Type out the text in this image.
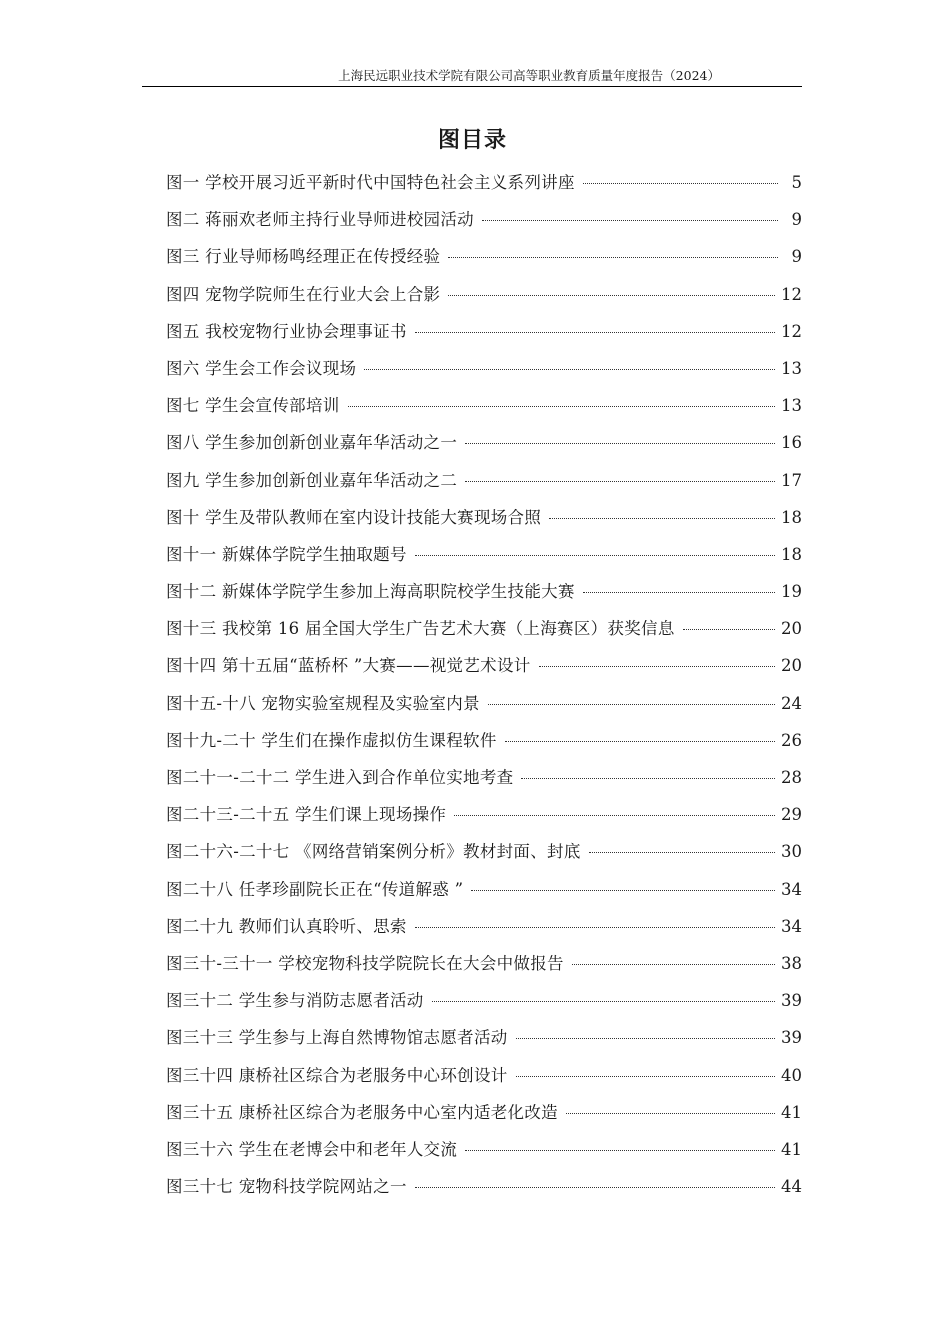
上海民远职业技术学院有限公司高等职业教育质量年度报告（2024）
图目录
图一 学校开展习近平新时代中国特色社会主义系列讲座	5
图二 蒋丽欢老师主持行业导师进校园活动	9
图三 行业导师杨鸣经理正在传授经验	9
图四 宠物学院师生在行业大会上合影	12
图五 我校宠物行业协会理事证书	12
图六 学生会工作会议现场	13
图七 学生会宣传部培训	13
图八 学生参加创新创业嘉年华活动之一	16
图九 学生参加创新创业嘉年华活动之二	17
图十 学生及带队教师在室内设计技能大赛现场合照	18
图十一 新媒体学院学生抽取题号	18
图十二 新媒体学院学生参加上海高职院校学生技能大赛	19
图十三 我校第 16 届全国大学生广告艺术大赛（上海赛区）获奖信息	20
图十四 第十五届“蓝桥杯 ”大赛——视觉艺术设计	20
图十五-十八 宠物实验室规程及实验室内景	24
图十九-二十 学生们在操作虚拟仿生课程软件	26
图二十一-二十二 学生进入到合作单位实地考查	28
图二十三-二十五 学生们课上现场操作	29
图二十六-二十七 《网络营销案例分析》教材封面、封底	30
图二十八 任孝珍副院长正在“传道解惑 ”	34
图二十九 教师们认真聆听、思索	34
图三十-三十一 学校宠物科技学院院长在大会中做报告	38
图三十二 学生参与消防志愿者活动	39
图三十三 学生参与上海自然博物馆志愿者活动	39
图三十四 康桥社区综合为老服务中心环创设计	40
图三十五 康桥社区综合为老服务中心室内适老化改造	41
图三十六 学生在老博会中和老年人交流	41
图三十七 宠物科技学院网站之一	44
